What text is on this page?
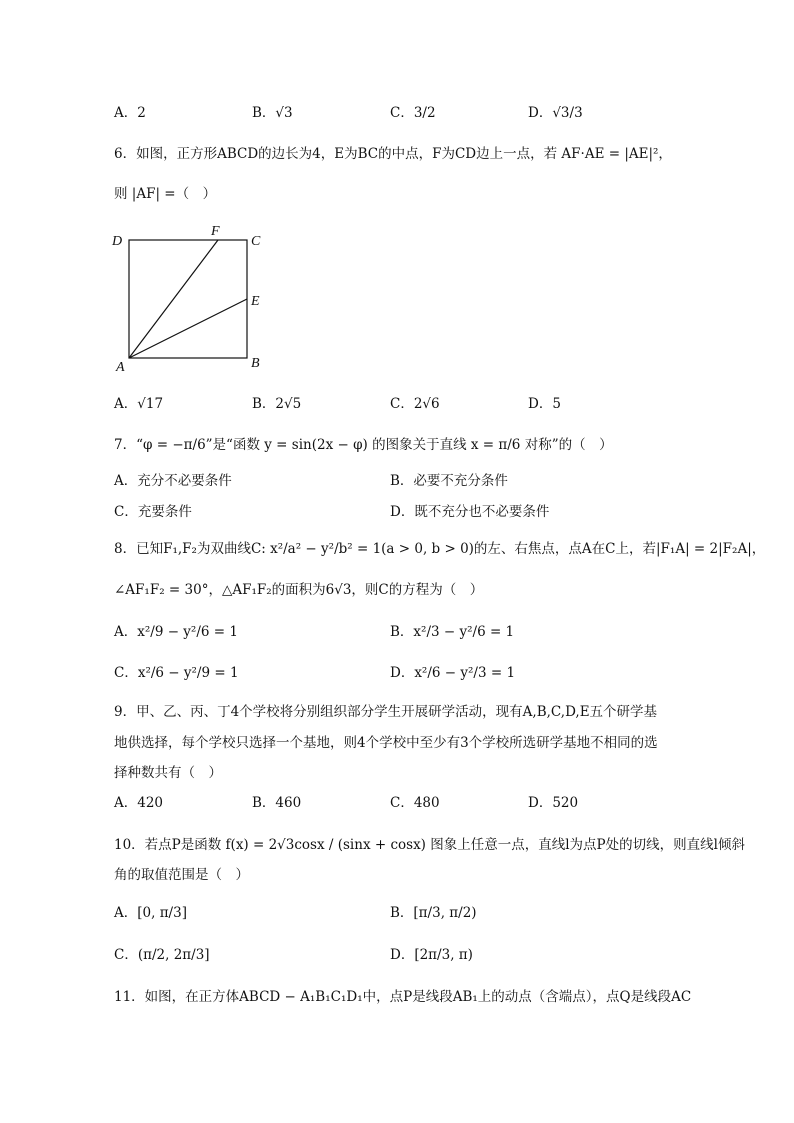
A．2	B．√3	C．3/2	D．√3/3
6．如图，正方形ABCD的边长为4，E为BC的中点，F为CD边上一点，若 AF·AE = |AE|²，
则 |AF| =（　）
D	C
F
E
B
A
A．√17	B．2√5	C．2√6	D．5
7．“φ = −π/6”是“函数 y = sin(2x − φ) 的图象关于直线 x = π/6 对称”的（　）
A．充分不必要条件	B．必要不充分条件
C．充要条件	D．既不充分也不必要条件
8．已知F₁,F₂为双曲线C: x²/a² − y²/b² = 1(a > 0, b > 0)的左、右焦点，点A在C上，若|F₁A| = 2|F₂A|，
∠AF₁F₂ = 30°，△AF₁F₂的面积为6√3，则C的方程为（　）
A．x²/9 − y²/6 = 1	B．x²/3 − y²/6 = 1
C．x²/6 − y²/9 = 1	D．x²/6 − y²/3 = 1
9．甲、乙、丙、丁4个学校将分别组织部分学生开展研学活动，现有A,B,C,D,E五个研学基
地供选择，每个学校只选择一个基地，则4个学校中至少有3个学校所选研学基地不相同的选
择种数共有（　）
A．420	B．460	C．480	D．520
10．若点P是函数 f(x) = 2√3cosx / (sinx + cosx) 图象上任意一点，直线l为点P处的切线，则直线l倾斜
角的取值范围是（　）
A．[0, π/3]	B．[π/3, π/2)
C．(π/2, 2π/3]	D．[2π/3, π)
11．如图，在正方体ABCD − A₁B₁C₁D₁中，点P是线段AB₁上的动点（含端点），点Q是线段AC
